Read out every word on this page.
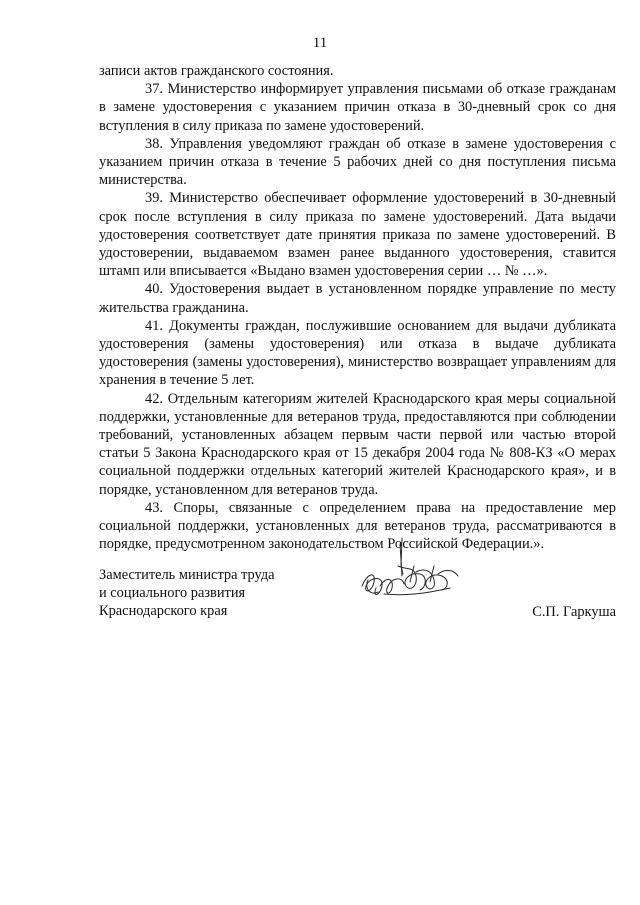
11

записи актов гражданского состояния.

37. Министерство информирует управления письмами об отказе гражданам в замене удостоверения с указанием причин отказа в 30-дневный срок со дня вступления в силу приказа по замене удостоверений.

38. Управления уведомляют граждан об отказе в замене удостоверения с указанием причин отказа в течение 5 рабочих дней со дня поступления письма министерства.

39. Министерство обеспечивает оформление удостоверений в 30-дневный срок после вступления в силу приказа по замене удостоверений. Дата выдачи удостоверения соответствует дате принятия приказа по замене удостоверений. В удостоверении, выдаваемом взамен ранее выданного удостоверения, ставится штамп или вписывается «Выдано взамен удостоверения серии … № …».

40. Удостоверения выдает в установленном порядке управление по месту жительства гражданина.

41. Документы граждан, послужившие основанием для выдачи дубликата удостоверения (замены удостоверения) или отказа в выдаче дубликата удостоверения (замены удостоверения), министерство возвращает управлениям для хранения в течение 5 лет.

42. Отдельным категориям жителей Краснодарского края меры социальной поддержки, установленные для ветеранов труда, предоставляются при соблюдении требований, установленных абзацем первым части первой или частью второй статьи 5 Закона Краснодарского края от 15 декабря 2004 года № 808-КЗ «О мерах социальной поддержки отдельных категорий жителей Краснодарского края», и в порядке, установленном для ветеранов труда.

43. Споры, связанные с определением права на предоставление мер социальной поддержки, установленных для ветеранов труда, рассматриваются в порядке, предусмотренном законодательством Российской Федерации.».

Заместитель министра труда
и социального развития
Краснодарского края	С.П. Гаркуша
